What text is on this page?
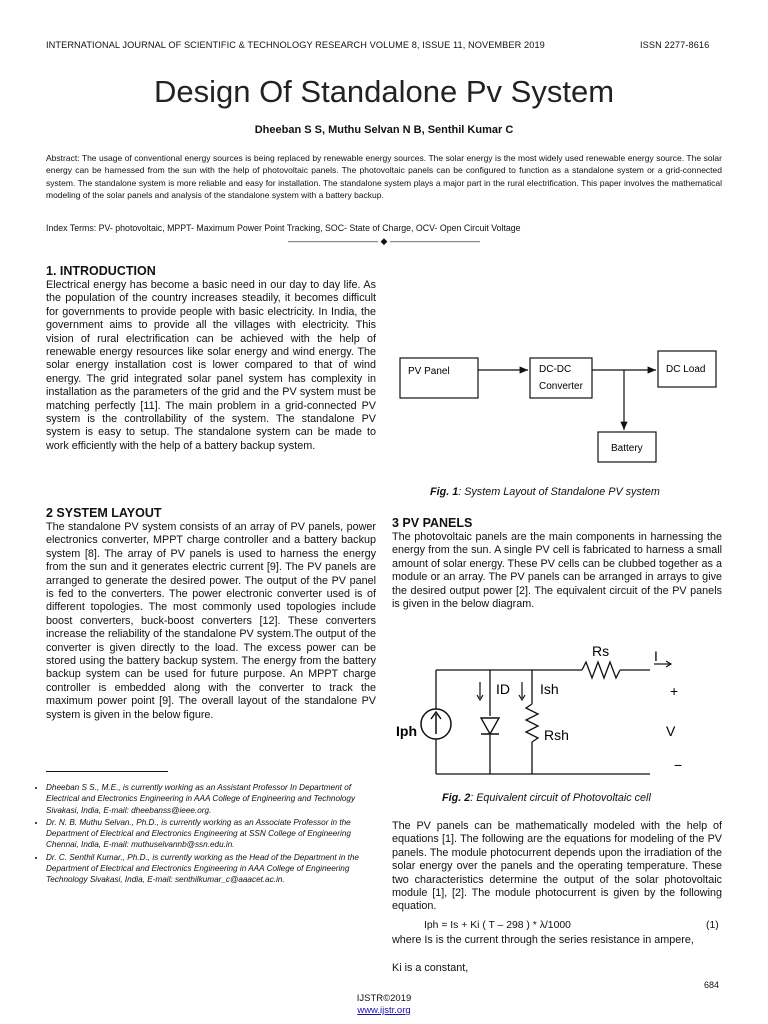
INTERNATIONAL JOURNAL OF SCIENTIFIC & TECHNOLOGY RESEARCH VOLUME 8, ISSUE 11, NOVEMBER 2019	ISSN 2277-8616
Design Of Standalone Pv System
Dheeban S S, Muthu Selvan N B, Senthil Kumar C
Abstract: The usage of conventional energy sources is being replaced by renewable energy sources. The solar energy is the most widely used renewable energy source. The solar energy can be harnessed from the sun with the help of photovoltaic panels. The photovoltaic panels can be configured to function as a standalone system or a grid-connected system. The standalone system is more reliable and easy for installation. The standalone system plays a major part in the rural electrification. This paper involves the mathematical modeling of the solar panels and analysis of the standalone system with a battery backup.
Index Terms: PV- photovoltaic, MPPT- Maximum Power Point Tracking, SOC- State of Charge, OCV- Open Circuit Voltage
—————————— ◆ ——————————
1. INTRODUCTION
Electrical energy has become a basic need in our day to day life. As the population of the country increases steadily, it becomes difficult for governments to provide people with basic electricity. In India, the government aims to provide all the villages with electricity. This vision of rural electrification can be achieved with the help of renewable energy resources like solar energy and wind energy. The solar energy installation cost is lower compared to that of wind energy. The grid integrated solar panel system has complexity in installation as the parameters of the grid and the PV system must be matching perfectly [11]. The main problem in a grid-connected PV system is the controllability of the system. The standalone PV system is easy to setup. The standalone system can be made to work efficiently with the help of a battery backup system.
2 SYSTEM LAYOUT
The standalone PV system consists of an array of PV panels, power electronics converter, MPPT charge controller and a battery backup system [8]. The array of PV panels is used to harness the energy from the sun and it generates electric current [9]. The PV panels are arranged to generate the desired power. The output of the PV panel is fed to the converters. The power electronic converter used is of different topologies. The most commonly used topologies include boost converters, buck-boost converters [12]. These converters increase the reliability of the standalone PV system.The output of the converter is given directly to the load. The excess power can be stored using the battery backup system. The energy from the battery backup system can be used for future purpose. An MPPT charge controller is embedded along with the converter to track the maximum power point [9]. The overall layout of the standalone PV system is given in the below figure.
• Dheeban S S., M.E., is currently working as an Assistant Professor In Department of Electrical and Electronics Engineering in AAA College of Engineering and Technology Sivakasi, India, E-mail: dheebanss@ieee.org.
• Dr. N. B. Muthu Selvan., Ph.D., is currently working as an Associate Professor in the Department of Electrical and Electronics Engineering at SSN College of Engineering Chennai, India, E-mail: muthuselvannb@ssn.edu.in.
• Dr. C. Senthil Kumar., Ph.D., is currently working as the Head of the Department in the Department of Electrical and Electronics Engineering in AAA College of Engineering Technology Sivakasi, India, E-mail: senthilkumar_c@aaacet.ac.in.
PV Panel	DC-DC
Converter
DC Load
Battery
Fig. 1: System Layout of Standalone PV system
3 PV PANELS
The photovoltaic panels are the main components in harnessing the energy from the sun. A single PV cell is fabricated to harness a small amount of solar energy. These PV cells can be clubbed together as a module or an array. The PV panels can be arranged in arrays to give the desired output power [2]. The equivalent circuit of the PV panels is given in the below diagram.
Rs	I
ID Ish	+
V
−
Iph	Rsh
Fig. 2: Equivalent circuit of Photovoltaic cell
The PV panels can be mathematically modeled with the help of equations [1]. The following are the equations for modeling of the PV panels. The module photocurrent depends upon the irradiation of the solar energy over the panels and the operating temperature. These two characteristics determine the output of the solar photovoltaic module [1], [2]. The module photocurrent is given by the following equation.
Iph = Is + Ki ( T – 298 ) * λ/1000	(1)
where Is is the current through the series resistance in ampere,
Ki is a constant,
684
IJSTR©2019
www.ijstr.org
